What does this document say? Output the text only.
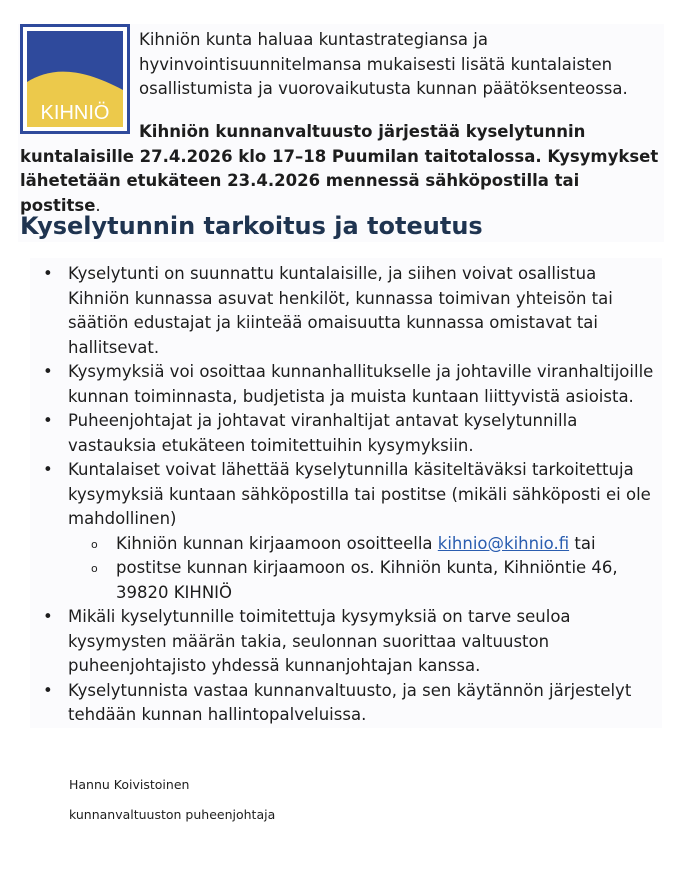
KIHNIÖ

Kihniön kunta haluaa kuntastrategiansa ja hyvinvointisuunnitelmansa mukaisesti lisätä kuntalaisten osallistumista ja vuorovaikutusta kunnan päätöksenteossa.

Kihniön kunnanvaltuusto järjestää kyselytunnin kuntalaisille 27.4.2026 klo 17–18 Puumilan taitotalossa. Kysymykset lähetetään etukäteen 23.4.2026 mennessä sähköpostilla tai postitse.

Kyselytunnin tarkoitus ja toteutus
• Kyselytunti on suunnattu kuntalaisille, ja siihen voivat osallistua Kihniön kunnassa asuvat henkilöt, kunnassa toimivan yhteisön tai säätiön edustajat ja kiinteää omaisuutta kunnassa omistavat tai hallitsevat.
• Kysymyksiä voi osoittaa kunnanhallitukselle ja johtaville viranhaltijoille kunnan toiminnasta, budjetista ja muista kuntaan liittyvistä asioista.
• Puheenjohtajat ja johtavat viranhaltijat antavat kyselytunnilla vastauksia etukäteen toimitettuihin kysymyksiin.
• Kuntalaiset voivat lähettää kyselytunnilla käsiteltäväksi tarkoitettuja kysymyksiä kuntaan sähköpostilla tai postitse (mikäli sähköposti ei ole mahdollinen)
o Kihniön kunnan kirjaamoon osoitteella kihnio@kihnio.fi tai
o postitse kunnan kirjaamoon os. Kihniön kunta, Kihniöntie 46, 39820 KIHNIÖ
• Mikäli kyselytunnille toimitettuja kysymyksiä on tarve seuloa kysymysten määrän takia, seulonnan suorittaa valtuuston puheenjohtajisto yhdessä kunnanjohtajan kanssa.
• Kyselytunnista vastaa kunnanvaltuusto, ja sen käytännön järjestelyt tehdään kunnan hallintopalveluissa.

Hannu Koivistoinen

kunnanvaltuuston puheenjohtaja
